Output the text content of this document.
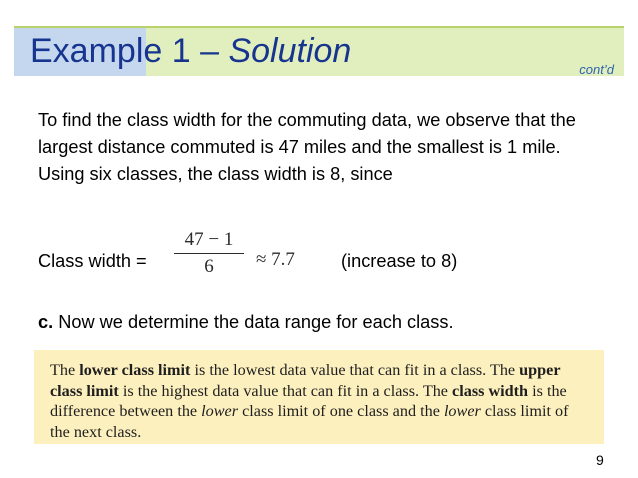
Example 1 – Solution	cont’d

To find the class width for the commuting data, we observe that the largest distance commuted is 47 miles and the smallest is 1 mile. Using six classes, the class width is 8, since

Class width =
47 − 1
6	≈ 7.7	(increase to 8)
c. Now we determine the data range for each class.
The lower class limit is the lowest data value that can fit in a class. The upper class limit is the highest data value that can fit in a class. The class width is the difference between the lower class limit of one class and the lower class limit of the next class.
9
